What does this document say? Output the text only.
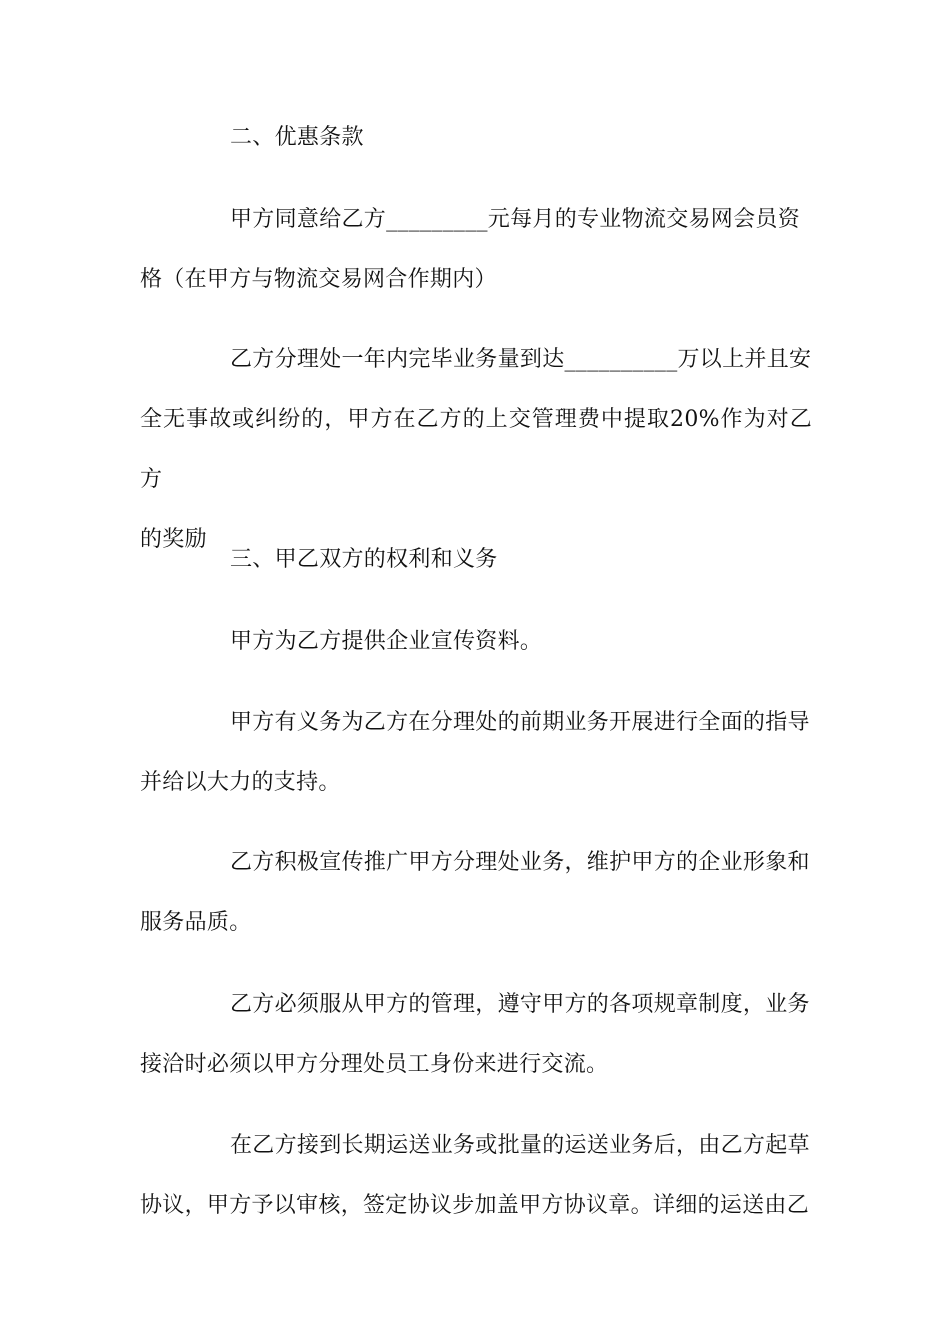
二、优惠条款
甲方同意给乙方_________元每月的专业物流交易网会员资
格（在甲方与物流交易网合作期内）
乙方分理处一年内完毕业务量到达__________万以上并且安
全无事故或纠纷的，甲方在乙方的上交管理费中提取20%作为对乙方
的奖励
三、甲乙双方的权利和义务
甲方为乙方提供企业宣传资料。
甲方有义务为乙方在分理处的前期业务开展进行全面的指导
并给以大力的支持。
乙方积极宣传推广甲方分理处业务，维护甲方的企业形象和
服务品质。
乙方必须服从甲方的管理，遵守甲方的各项规章制度，业务
接洽时必须以甲方分理处员工身份来进行交流。
在乙方接到长期运送业务或批量的运送业务后，由乙方起草
协议，甲方予以审核，签定协议步加盖甲方协议章。详细的运送由乙
